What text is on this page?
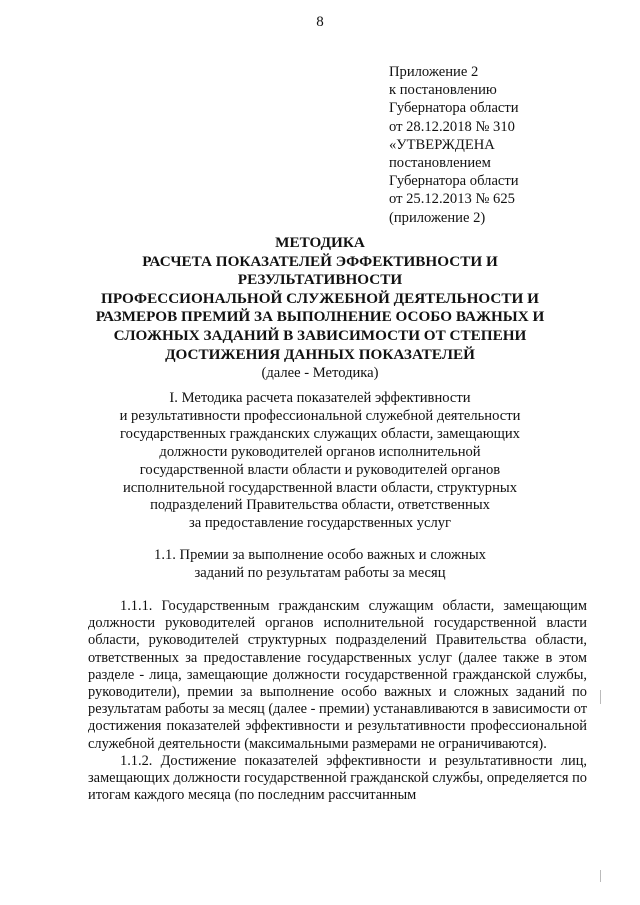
8
Приложение 2
к постановлению
Губернатора области
от 28.12.2018 № 310
«УТВЕРЖДЕНА
постановлением
Губернатора области
от 25.12.2013 № 625
(приложение 2)
МЕТОДИКА
РАСЧЕТА ПОКАЗАТЕЛЕЙ ЭФФЕКТИВНОСТИ И
РЕЗУЛЬТАТИВНОСТИ
ПРОФЕССИОНАЛЬНОЙ СЛУЖЕБНОЙ ДЕЯТЕЛЬНОСТИ И
РАЗМЕРОВ ПРЕМИЙ ЗА ВЫПОЛНЕНИЕ ОСОБО ВАЖНЫХ И
СЛОЖНЫХ ЗАДАНИЙ В ЗАВИСИМОСТИ ОТ СТЕПЕНИ
ДОСТИЖЕНИЯ ДАННЫХ ПОКАЗАТЕЛЕЙ
(далее - Методика)
I. Методика расчета показателей эффективности
и результативности профессиональной служебной деятельности
государственных гражданских служащих области, замещающих
должности руководителей органов исполнительной
государственной власти области и руководителей органов
исполнительной государственной власти области, структурных
подразделений Правительства области, ответственных
за предоставление государственных услуг
1.1. Премии за выполнение особо важных и сложных
заданий по результатам работы за месяц

1.1.1. Государственным гражданским служащим области, замещающим должности руководителей органов исполнительной государственной власти области, руководителей структурных подразделений Правительства области, ответственных за предоставление государственных услуг (далее также в этом разделе - лица, замещающие должности государственной гражданской службы, руководители), премии за выполнение особо важных и сложных заданий по результатам работы за месяц (далее - премии) устанавливаются в зависимости от достижения показателей эффективности и результативности профессиональной служебной деятельности (максимальными размерами не ограничиваются).

1.1.2. Достижение показателей эффективности и результативности лиц, замещающих должности государственной гражданской службы, определяется по итогам каждого месяца (по последним рассчитанным
